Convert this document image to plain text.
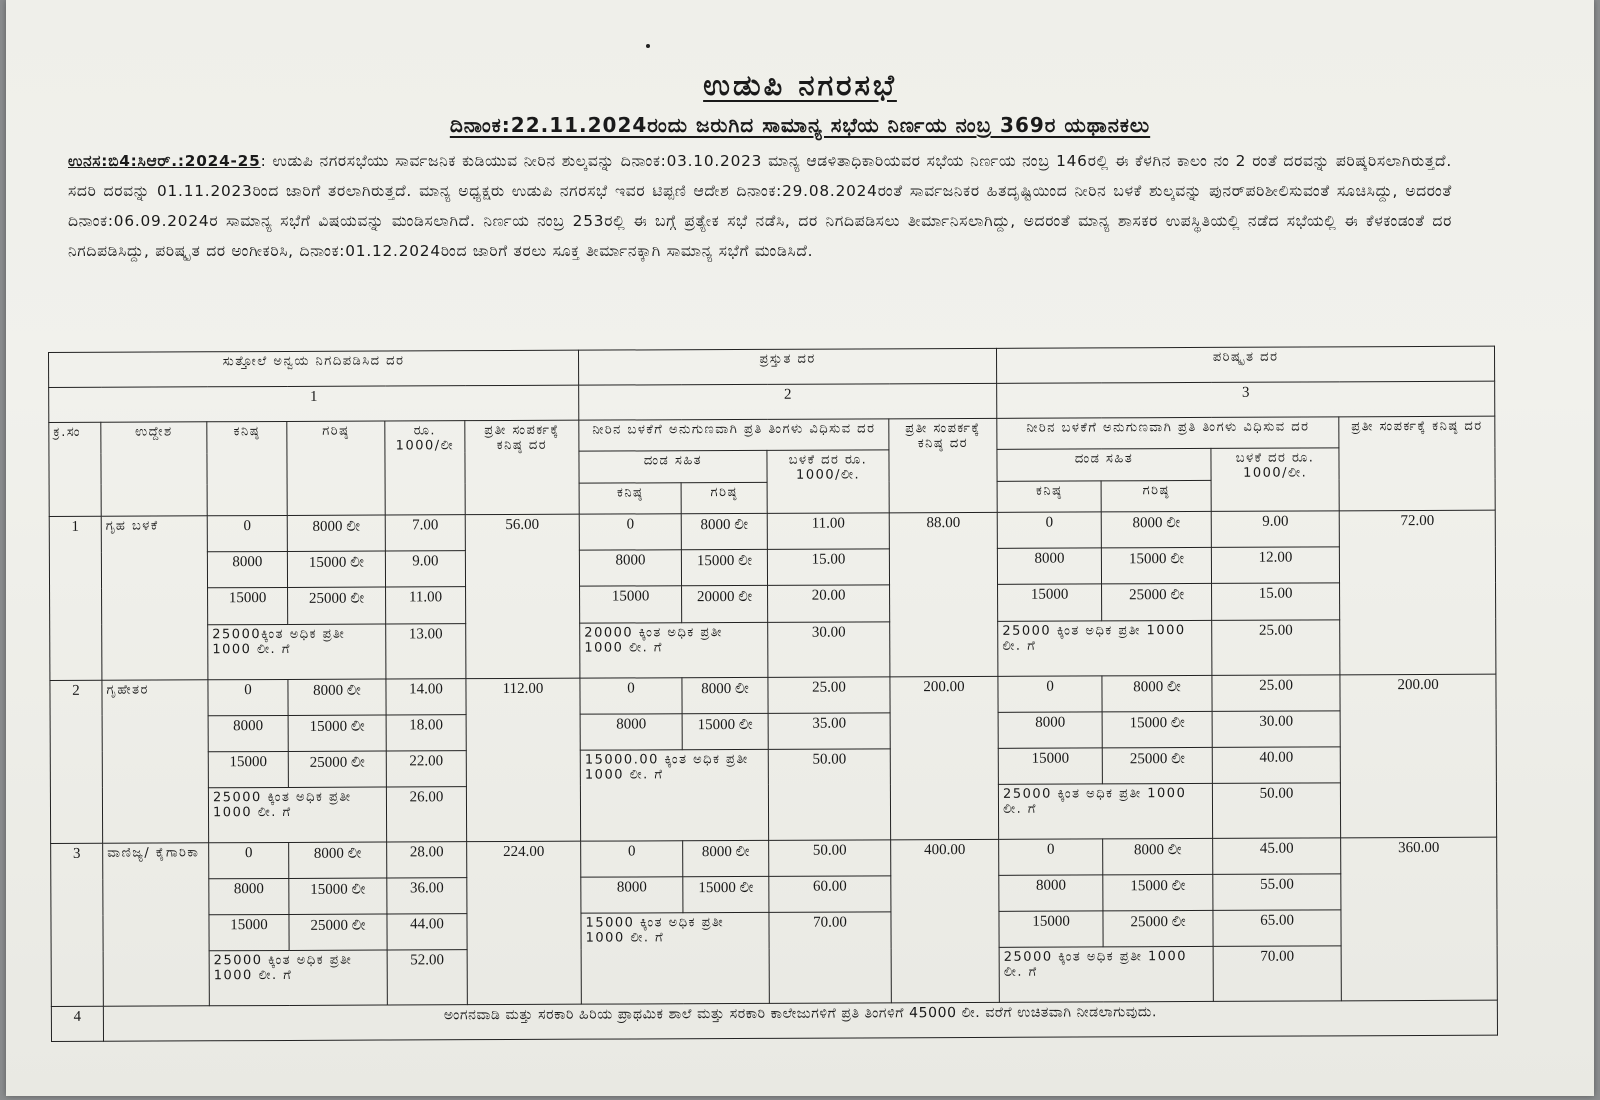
ಉಡುಪಿ ನಗರಸಭೆ
ದಿನಾಂಕ:22.11.2024ರಂದು ಜರುಗಿದ ಸಾಮಾನ್ಯ ಸಭೆಯ ನಿರ್ಣಯ ನಂಬ್ರ 369ರ ಯಥಾನಕಲು
ಉನಸ:ಬಿ4:ಸಿಆರ್.:2024-25: ಉಡುಪಿ ನಗರಸಭೆಯು ಸಾರ್ವಜನಿಕ ಕುಡಿಯುವ ನೀರಿನ ಶುಲ್ಕವನ್ನು ದಿನಾಂಕ:03.10.2023 ಮಾನ್ಯ ಆಡಳಿತಾಧಿಕಾರಿಯವರ ಸಭೆಯ ನಿರ್ಣಯ ನಂಬ್ರ 146ರಲ್ಲಿ ಈ ಕೆಳಗಿನ ಕಾಲಂ ನಂ 2 ರಂತೆ ದರವನ್ನು ಪರಿಷ್ಕರಿಸಲಾಗಿರುತ್ತದೆ. ಸದರಿ ದರವನ್ನು 01.11.2023ರಿಂದ ಜಾರಿಗೆ ತರಲಾಗಿರುತ್ತದೆ. ಮಾನ್ಯ ಅಧ್ಯಕ್ಷರು ಉಡುಪಿ ನಗರಸಭೆ ಇವರ ಟಿಪ್ಪಣಿ ಆದೇಶ ದಿನಾಂಕ:29.08.2024ರಂತೆ ಸಾರ್ವಜನಿಕರ ಹಿತದೃಷ್ಟಿಯಿಂದ ನೀರಿನ ಬಳಕೆ ಶುಲ್ಕವನ್ನು ಪುನರ್‌ಪರಿಶೀಲಿಸುವಂತೆ ಸೂಚಿಸಿದ್ದು, ಅದರಂತೆ ದಿನಾಂಕ:06.09.2024ರ ಸಾಮಾನ್ಯ ಸಭೆಗೆ ವಿಷಯವನ್ನು ಮಂಡಿಸಲಾಗಿದೆ. ನಿರ್ಣಯ ನಂಬ್ರ 253ರಲ್ಲಿ ಈ ಬಗ್ಗೆ ಪ್ರತ್ಯೇಕ ಸಭೆ ನಡೆಸಿ, ದರ ನಿಗದಿಪಡಿಸಲು ತೀರ್ಮಾನಿಸಲಾಗಿದ್ದು, ಅದರಂತೆ ಮಾನ್ಯ ಶಾಸಕರ ಉಪಸ್ಥಿತಿಯಲ್ಲಿ ನಡೆದ ಸಭೆಯಲ್ಲಿ ಈ ಕೆಳಕಂಡಂತೆ ದರ ನಿಗದಿಪಡಿಸಿದ್ದು, ಪರಿಷ್ಕೃತ ದರ ಅಂಗೀಕರಿಸಿ, ದಿನಾಂಕ:01.12.2024ರಿಂದ ಜಾರಿಗೆ ತರಲು ಸೂಕ್ತ ತೀರ್ಮಾನಕ್ಕಾಗಿ ಸಾಮಾನ್ಯ ಸಭೆಗೆ ಮಂಡಿಸಿದೆ.
ಸುತ್ತೋಲೆ ಅನ್ವಯ ನಿಗದಿಪಡಿಸಿದ ದರ						ಪ್ರಸ್ತುತ ದರ				ಪರಿಷ್ಕೃತ ದರ			
1						2				3			
ಕ್ರ.ಸಂ	ಉದ್ದೇಶ	ಕನಿಷ್ಠ	ಗರಿಷ್ಠ	ರೂ. 1000/ಲೀ	ಪ್ರತೀ ಸಂಪರ್ಕಕ್ಕೆ ಕನಿಷ್ಠ ದರ	ನೀರಿನ ಬಳಕೆಗೆ ಅನುಗುಣವಾಗಿ ಪ್ರತಿ ತಿಂಗಳು ವಿಧಿಸುವ ದರ			ಪ್ರತೀ ಸಂಪರ್ಕಕ್ಕೆ ಕನಿಷ್ಠ ದರ	ನೀರಿನ ಬಳಕೆಗೆ ಅನುಗುಣವಾಗಿ ಪ್ರತಿ ತಿಂಗಳು ವಿಧಿಸುವ ದರ			ಪ್ರತೀ ಸಂಪರ್ಕಕ್ಕೆ ಕನಿಷ್ಠ ದರ
						ದಂಡ ಸಹಿತ		ಬಳಕೆ ದರ ರೂ. 1000/ಲೀ.		ದಂಡ ಸಹಿತ		ಬಳಕೆ ದರ ರೂ. 1000/ಲೀ.	
						ಕನಿಷ್ಠ	ಗರಿಷ್ಠ			ಕನಿಷ್ಠ	ಗರಿಷ್ಠ		
1	ಗೃಹ ಬಳಕೆ	0	8000 ಲೀ	7.00	56.00	0	8000 ಲೀ	11.00	88.00	0	8000 ಲೀ	9.00	72.00
		8000	15000 ಲೀ	9.00		8000	15000 ಲೀ	15.00		8000	15000 ಲೀ	12.00	
		15000	25000 ಲೀ	11.00		15000	20000 ಲೀ	20.00		15000	25000 ಲೀ	15.00	
		25000ಕ್ಕಿಂತ ಅಧಿಕ ಪ್ರತೀ 1000 ಲೀ. ಗೆ		13.00		20000 ಕ್ಕಿಂತ ಅಧಿಕ ಪ್ರತೀ 1000 ಲೀ. ಗೆ		30.00		25000 ಕ್ಕಿಂತ ಅಧಿಕ ಪ್ರತೀ 1000 ಲೀ. ಗೆ		25.00	
2	ಗೃಹೇತರ	0	8000 ಲೀ	14.00	112.00	0	8000 ಲೀ	25.00	200.00	0	8000 ಲೀ	25.00	200.00
		8000	15000 ಲೀ	18.00		8000	15000 ಲೀ	35.00		8000	15000 ಲೀ	30.00	
		15000	25000 ಲೀ	22.00		15000.00 ಕ್ಕಿಂತ ಅಧಿಕ ಪ್ರತೀ 1000 ಲೀ. ಗೆ		50.00		15000	25000 ಲೀ	40.00	
		25000 ಕ್ಕಿಂತ ಅಧಿಕ ಪ್ರತೀ 1000 ಲೀ. ಗೆ		26.00						25000 ಕ್ಕಿಂತ ಅಧಿಕ ಪ್ರತೀ 1000 ಲೀ. ಗೆ		50.00	
3	ವಾಣಿಜ್ಯ/ ಕೈಗಾರಿಕಾ	0	8000 ಲೀ	28.00	224.00	0	8000 ಲೀ	50.00	400.00	0	8000 ಲೀ	45.00	360.00
		8000	15000 ಲೀ	36.00		8000	15000 ಲೀ	60.00		8000	15000 ಲೀ	55.00	
		15000	25000 ಲೀ	44.00		15000 ಕ್ಕಿಂತ ಅಧಿಕ ಪ್ರತೀ 1000 ಲೀ. ಗೆ		70.00		15000	25000 ಲೀ	65.00	
		25000 ಕ್ಕಿಂತ ಅಧಿಕ ಪ್ರತೀ 1000 ಲೀ. ಗೆ		52.00						25000 ಕ್ಕಿಂತ ಅಧಿಕ ಪ್ರತೀ 1000 ಲೀ. ಗೆ		70.00	
4	ಅಂಗನವಾಡಿ ಮತ್ತು ಸರಕಾರಿ ಹಿರಿಯ ಪ್ರಾಥಮಿಕ ಶಾಲೆ ಮತ್ತು ಸರಕಾರಿ ಕಾಲೇಜುಗಳಿಗೆ ಪ್ರತಿ ತಿಂಗಳಿಗೆ 45000 ಲೀ. ವರೆಗೆ ಉಚಿತವಾಗಿ ನೀಡಲಾಗುವುದು.												
